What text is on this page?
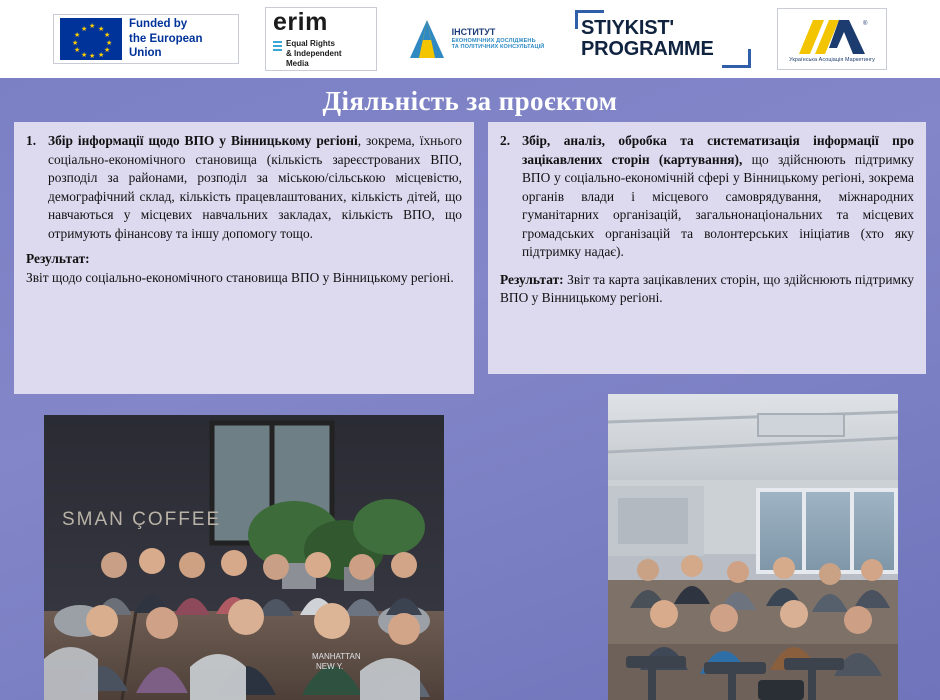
★ ★
★
★
★
★
★
★
★
★
★
★	Funded by
the European Union
erim
Equal Rights
& Independent
Media
ІНСТИТУТ
ЕКОНОМІЧНИХ ДОСЛІДЖЕНЬ
ТА ПОЛІТИЧНИХ КОНСУЛЬТАЦІЙ
STIYKIST'
PROGRAMME
®
Українська Асоціація Маркетингу
Діяльність за проєктом
1. Збір інформації щодо ВПО у Вінницькому регіоні, зокрема, їхнього соціально-економічного становища (кількість зареєстрованих ВПО, розподіл за районами, розподіл за міською/сільською місцевістю, демографічний склад, кількість працевлаштованих, кількість дітей, що навчаються у місцевих навчальних закладах, кількість ВПО, що отримують фінансову та іншу допомогу тощо.
Результат:
Звіт щодо соціально-економічного становища ВПО у Вінницькому регіоні.
2. Збір, аналіз, обробка та систематизація інформації про зацікавлених сторін (картування), що здійснюють підтримку ВПО у соціально-економічній сфері у Вінницькому регіоні, зокрема органів влади і місцевого самоврядування, міжнародних гуманітарних організацій, загальнонаціональних та місцевих громадських організацій та волонтерських ініціатив (хто яку підтримку надає).
Результат: Звіт та карта зацікавлених сторін, що здійснюють підтримку ВПО у Вінницькому регіоні.
SMAN ÇOFFEE
MANHATTAN
NEW Y.
